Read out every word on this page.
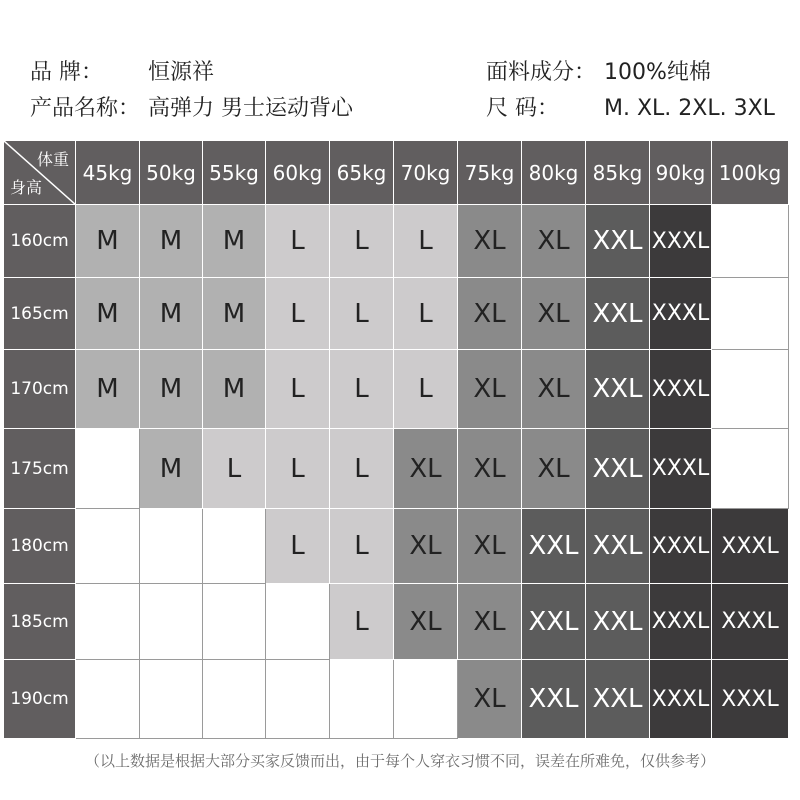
品 牌： 恒源祥
产品名称： 高弹力 男士运动背心
面料成分： 100%纯棉
尺 码： M. XL. 2XL. 3XL
体重
身高	45kg	50kg	55kg	60kg	65kg	70kg	75kg	80kg	85kg	90kg	100kg
160cm	M	M	M	L	L	L	XL	XL	XXL	XXXL	
165cm	M	M	M	L	L	L	XL	XL	XXL	XXXL	
170cm	M	M	M	L	L	L	XL	XL	XXL	XXXL	
175cm		M	L	L	L	XL	XL	XL	XXL	XXXL	
180cm				L	L	XL	XL	XXL	XXL	XXXL	XXXL
185cm					L	XL	XL	XXL	XXL	XXXL	XXXL
190cm							XL	XXL	XXL	XXXL	XXXL
（以上数据是根据大部分买家反馈而出，由于每个人穿衣习惯不同，误差在所难免，仅供参考）
